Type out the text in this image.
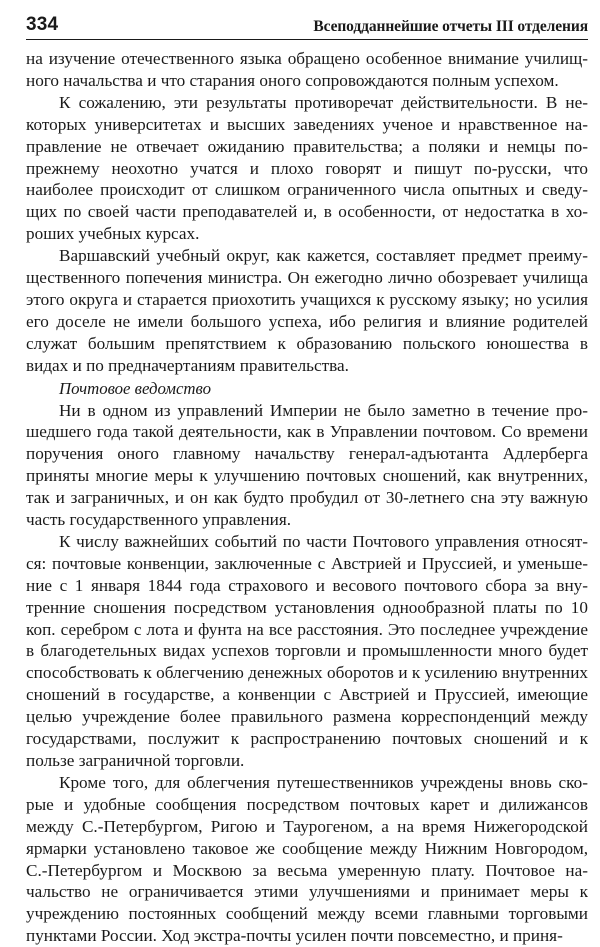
334	Всеподданнейшие отчеты III отделения

на изучение отечественного языка обращено особенное внимание училищного начальства и что старания оного сопровождаются полным успехом.

К сожалению, эти результаты противоречат действительности. В некоторых университетах и высших заведениях ученое и нравственное направление не отвечает ожиданию правительства; а поляки и немцы по-прежнему неохотно учатся и плохо говорят и пишут по-русски, что наиболее происходит от слишком ограниченного числа опытных и сведущих по своей части преподавателей и, в особенности, от недостатка в хороших учебных курсах.

Варшавский учебный округ, как кажется, составляет предмет преимущественного попечения министра. Он ежегодно лично обозревает училища этого округа и старается приохотить учащихся к русскому языку; но усилия его доселе не имели большого успеха, ибо религия и влияние родителей служат большим препятствием к образованию польского юношества в видах и по предначертаниям правительства.

Почтовое ведомство

Ни в одном из управлений Империи не было заметно в течение прошедшего года такой деятельности, как в Управлении почтовом. Со времени поручения оного главному начальству генерал-адъютанта Адлерберга приняты многие меры к улучшению почтовых сношений, как внутренних, так и заграничных, и он как будто пробудил от 30-летнего сна эту важную часть государственного управления.

К числу важнейших событий по части Почтового управления относятся: почтовые конвенции, заключенные с Австрией и Пруссией, и уменьшение с 1 января 1844 года страхового и весового почтового сбора за внутренние сношения посредством установления однообразной платы по 10 коп. серебром с лота и фунта на все расстояния. Это последнее учреждение в благодетельных видах успехов торговли и промышленности много будет способствовать к облегчению денежных оборотов и к усилению внутренних сношений в государстве, а конвенции с Австрией и Пруссией, имеющие целью учреждение более правильного размена корреспонденций между государствами, послужит к распространению почтовых сношений и к пользе заграничной торговли.

Кроме того, для облегчения путешественников учреждены вновь скорые и удобные сообщения посредством почтовых карет и дилижансов между С.-Петербургом, Ригою и Таурогеном, а на время Нижегородской ярмарки установлено таковое же сообщение между Нижним Новгородом, С.-Петербургом и Москвою за весьма умеренную плату. Почтовое начальство не ограничивается этими улучшениями и принимает меры к учреждению постоянных сообщений между всеми главными торговыми пунктами России. Ход экстра-почты усилен почти повсеместно, и приня-
